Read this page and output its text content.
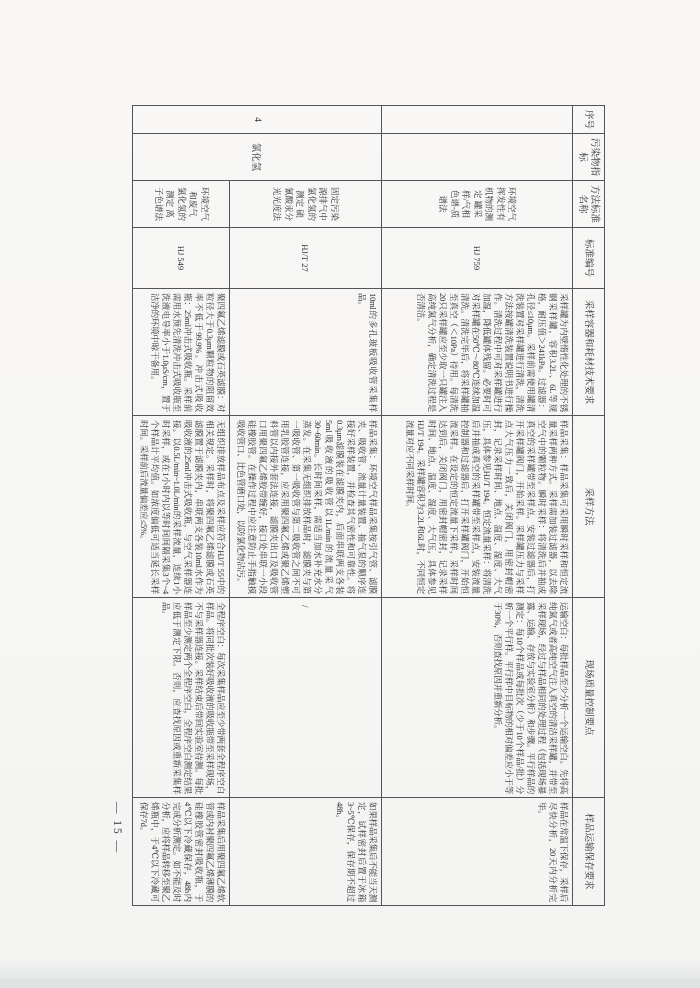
序号	污染物指标	方法标准名称	标准编号	采样容器和耗材技术要求	采样方法	现场质量控制要点	样品运输保存要求
		环境空气 挥发性有机物的测定 罐采样/气相色谱-质谱法	HJ 759	采样罐为内壁惰性化处理的不锈钢采样罐，容积3.2L、6L等规格，耐压值＞241kPa。过滤器：孔径≤10μm。采样前需使用罐清洗装置对采样罐进行清洗，清洗方法按罐清洗装置说明书进行操作。清洗过程中可对采样罐进行加湿，降低罐体残留。必要时可对采样罐在50℃～80℃连续加温清洗。清洗完毕后，将采样罐抽至真空（＜10Pa）待用。每清洗20只采样罐应至少取一只罐注入高纯氮气分析，确定清洗过程是否清洁。	样品采集：样品采集可采用瞬时采样和恒定流量采样两种方式。采样需加装过滤器，以去除空气中的颗粒物。瞬时采样：将清洗后并抽成真空的采样罐带至采样点，安装过滤器后，打开采样罐阀门，开始采样。采样罐压力与采样点大气压力一致后，关闭阀门，用密封帽密封，记录采样时间、地点、温度、湿度、大气压，具体参见HJ/T 194。恒定流量采样：将清洗后并抽成真空的采样罐带至采样点，安装流量控制器和过滤器后，打开采样罐阀门，开始恒流采样。在设定的恒定流量下采样，采样时间达到后，关闭阀门，用密封帽密封，记录采样时间、地点、温度、湿度、大气压，具体参见HJ/T 194。采样罐容积为3.2L和6L时，不同恒定流量对应不同采样时间。	运输空白：每批样品至少分析一个运输空白。先将高纯氮气或者高纯空气注入真空的清洁采样罐，并带至采样现场，经过与样品相同的处理过程（包括现场暴露、运输、存放与实验室分析）和步骤。平行样品的测定：每10个样品或每批次（少于10个样品/批）分析一个平行样。平行样中目标物的相对偏差应小于等于30%，否则查找原因并重新分析。	样品在常温下保存，采样后尽快分析，20天内分析完毕。
4	氯化氢	固定污染源排气中氯化氢的测定 硫氰酸汞分光光度法	HJ/T 27	10ml的多孔玻板吸收管采集样品。	样品采集：环境空气样品采集按引气管、滤膜夹、吸收管、流量计量装置、抽气泵的顺序连接好采样装置，并检查其气密性和可靠性。将0.3μm滤膜装在滤膜夹内，后面串联两支各装5ml吸收液的吸收管以1L/min的流量采气30~60min。长时间采样，需适当加水补充水分蒸发。在采集无组织排放样品时，滤膜夹与第一吸收管、第一吸收管与第二吸收管之间不可用乳胶管连接，应采用聚四氟乙烯或聚乙烯塑料管以内接外套法连接，滤膜夹出口及吸收管口用聚四氟乙烯胶带缠好，接口处串联一小段硅橡胶管。在操作过程中应注意防止手指触摸吸收管口、比色管磨口处，以防氯化物沾污。	/	如果样品采集后不能当天测定，试样密封后置于冰箱3~5℃保存，保存期不超过48h。
		环境空气和废气 氯化氢的测定 离子色谱法	HJ 549	聚四氟乙烯滤膜或石英滤膜：对粒径大于0.3μm颗粒物的阻留效率不低于99.9%。冲击式吸收瓶：25ml冲击式吸收瓶。采样前需用水预先清洗冲击式吸收瓶至洗液电导率小于1.0μS/cm，置于洁净的环境中晾干备用。	无组织排放样品布点及采样应符合HJ/T 55中的相关规定。采样时，将聚四氟乙烯滤膜或石英滤膜置于滤膜夹内，串联两支各装10ml水作为吸收液的25ml冲击式吸收瓶，与空气采样器连接。以0.5L/min~1.0L/min的采样流量，连续1小时采样，或在1小时内以等时间间隔采集3个~4个样品计平均值。如浓度偏低可适当延长采样时间。采样前后流量偏差应≤5%。	全程序空白：每次采集样品应至少带两套全程序空白样品。将同批次装好吸收液的吸收瓶带至采样现场，不与采样器连接。采样结束后带回实验室待测。每批样品至少测定两个全程序空白，全程序空白测定结果应低于测定下限。否则，应查找原因或重新采集样品。	样品采集后用聚四氟乙烯软管或内衬聚四氟乙烯薄膜的硅橡胶管密封吸收瓶，于4℃以下冷藏保存，48h内完成分析测定。如不能及时分析，应将样品转移至聚乙烯瓶中，于4℃以下冷藏可保存7d。
— 15 —
